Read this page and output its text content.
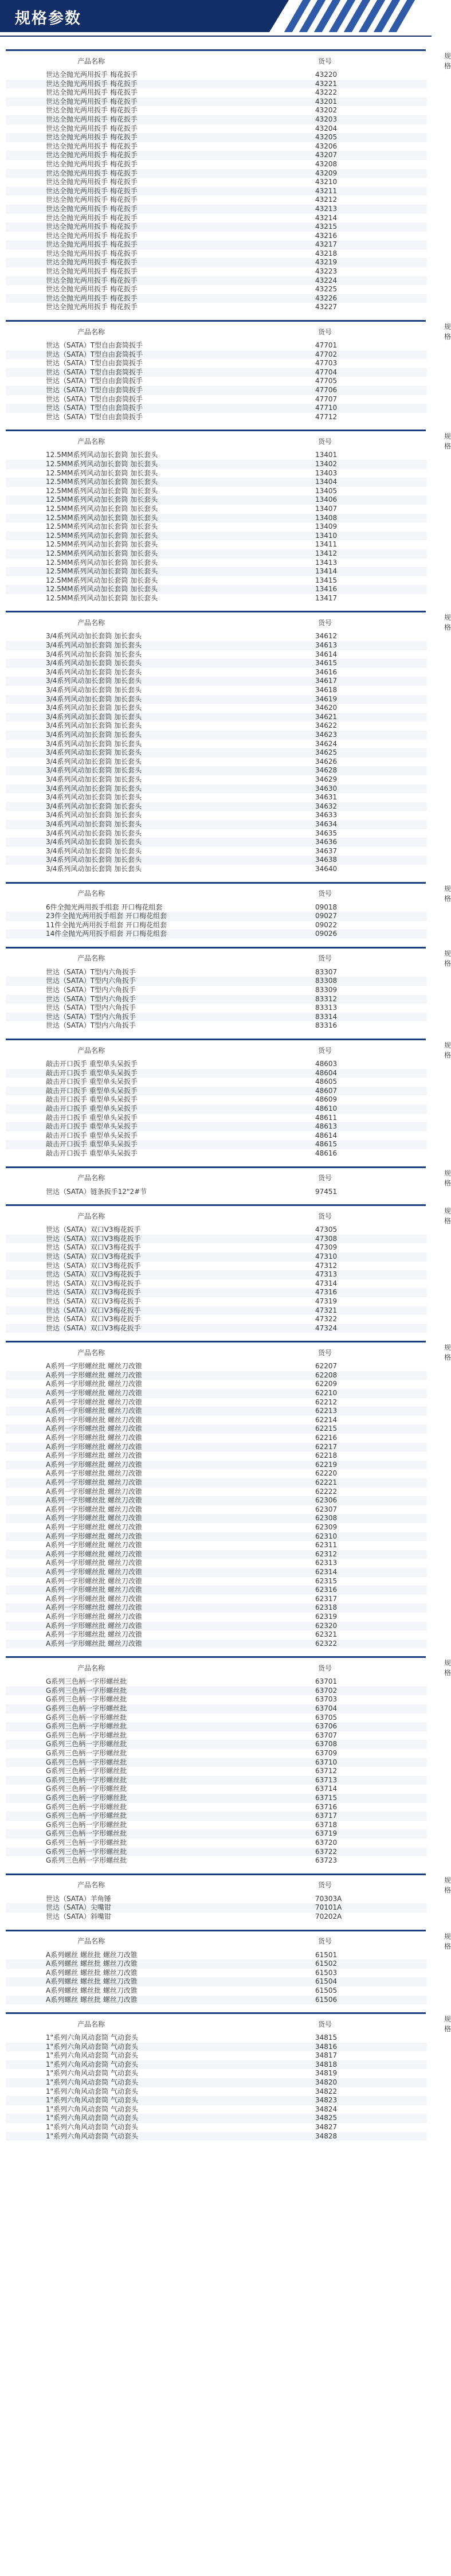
规格参数
产品名称	货号	规格
世达全抛光两用扳手 梅花扳手	43220	
世达全抛光两用扳手 梅花扳手	43221	
世达全抛光两用扳手 梅花扳手	43222	
世达全抛光两用扳手 梅花扳手	43201	
世达全抛光两用扳手 梅花扳手	43202	
世达全抛光两用扳手 梅花扳手	43203	
世达全抛光两用扳手 梅花扳手	43204	
世达全抛光两用扳手 梅花扳手	43205	
世达全抛光两用扳手 梅花扳手	43206	
世达全抛光两用扳手 梅花扳手	43207	
世达全抛光两用扳手 梅花扳手	43208	
世达全抛光两用扳手 梅花扳手	43209	
世达全抛光两用扳手 梅花扳手	43210	
世达全抛光两用扳手 梅花扳手	43211	
世达全抛光两用扳手 梅花扳手	43212	
世达全抛光两用扳手 梅花扳手	43213	
世达全抛光两用扳手 梅花扳手	43214	
世达全抛光两用扳手 梅花扳手	43215	
世达全抛光两用扳手 梅花扳手	43216	
世达全抛光两用扳手 梅花扳手	43217	
世达全抛光两用扳手 梅花扳手	43218	
世达全抛光两用扳手 梅花扳手	43219	
世达全抛光两用扳手 梅花扳手	43223	
世达全抛光两用扳手 梅花扳手	43224	
世达全抛光两用扳手 梅花扳手	43225	
世达全抛光两用扳手 梅花扳手	43226	
世达全抛光两用扳手 梅花扳手	43227	
产品名称	货号	规格
世达（SATA）T型自由套筒扳手	47701	
世达（SATA）T型自由套筒扳手	47702	
世达（SATA）T型自由套筒扳手	47703	
世达（SATA）T型自由套筒扳手	47704	
世达（SATA）T型自由套筒扳手	47705	
世达（SATA）T型自由套筒扳手	47706	
世达（SATA）T型自由套筒扳手	47707	
世达（SATA）T型自由套筒扳手	47710	
世达（SATA）T型自由套筒扳手	47712	
产品名称	货号	规格
12.5MM系列风动加长套筒 加长套头	13401	
12.5MM系列风动加长套筒 加长套头	13402	
12.5MM系列风动加长套筒 加长套头	13403	
12.5MM系列风动加长套筒 加长套头	13404	
12.5MM系列风动加长套筒 加长套头	13405	
12.5MM系列风动加长套筒 加长套头	13406	
12.5MM系列风动加长套筒 加长套头	13407	
12.5MM系列风动加长套筒 加长套头	13408	
12.5MM系列风动加长套筒 加长套头	13409	
12.5MM系列风动加长套筒 加长套头	13410	
12.5MM系列风动加长套筒 加长套头	13411	
12.5MM系列风动加长套筒 加长套头	13412	
12.5MM系列风动加长套筒 加长套头	13413	
12.5MM系列风动加长套筒 加长套头	13414	
12.5MM系列风动加长套筒 加长套头	13415	
12.5MM系列风动加长套筒 加长套头	13416	
12.5MM系列风动加长套筒 加长套头	13417	
产品名称	货号	规格
3/4系列风动加长套筒 加长套头	34612	
3/4系列风动加长套筒 加长套头	34613	
3/4系列风动加长套筒 加长套头	34614	
3/4系列风动加长套筒 加长套头	34615	
3/4系列风动加长套筒 加长套头	34616	
3/4系列风动加长套筒 加长套头	34617	
3/4系列风动加长套筒 加长套头	34618	
3/4系列风动加长套筒 加长套头	34619	
3/4系列风动加长套筒 加长套头	34620	
3/4系列风动加长套筒 加长套头	34621	
3/4系列风动加长套筒 加长套头	34622	
3/4系列风动加长套筒 加长套头	34623	
3/4系列风动加长套筒 加长套头	34624	
3/4系列风动加长套筒 加长套头	34625	
3/4系列风动加长套筒 加长套头	34626	
3/4系列风动加长套筒 加长套头	34628	
3/4系列风动加长套筒 加长套头	34629	
3/4系列风动加长套筒 加长套头	34630	
3/4系列风动加长套筒 加长套头	34631	
3/4系列风动加长套筒 加长套头	34632	
3/4系列风动加长套筒 加长套头	34633	
3/4系列风动加长套筒 加长套头	34634	
3/4系列风动加长套筒 加长套头	34635	
3/4系列风动加长套筒 加长套头	34636	
3/4系列风动加长套筒 加长套头	34637	
3/4系列风动加长套筒 加长套头	34638	
3/4系列风动加长套筒 加长套头	34640	
产品名称	货号	规格
6件全抛光两用扳手组套 开口梅花组套	09018	
23件全抛光两用扳手组套 开口梅花组套	09027	
11件全抛光两用扳手组套 开口梅花组套	09022	
14件全抛光两用扳手组套 开口梅花组套	09026	
产品名称	货号	规格
世达（SATA）T型内六角扳手	83307	
世达（SATA）T型内六角扳手	83308	
世达（SATA）T型内六角扳手	83309	
世达（SATA）T型内六角扳手	83312	
世达（SATA）T型内六角扳手	83313	
世达（SATA）T型内六角扳手	83314	
世达（SATA）T型内六角扳手	83316	
产品名称	货号	规格
敲击开口扳手 重型单头呆扳手	48603	
敲击开口扳手 重型单头呆扳手	48604	
敲击开口扳手 重型单头呆扳手	48605	
敲击开口扳手 重型单头呆扳手	48607	
敲击开口扳手 重型单头呆扳手	48609	
敲击开口扳手 重型单头呆扳手	48610	
敲击开口扳手 重型单头呆扳手	48611	
敲击开口扳手 重型单头呆扳手	48613	
敲击开口扳手 重型单头呆扳手	48614	
敲击开口扳手 重型单头呆扳手	48615	
敲击开口扳手 重型单头呆扳手	48616	
产品名称	货号	规格
世达（SATA）链条扳手12"2#节	97451	
产品名称	货号	规格
世达（SATA）双口V3梅花扳手	47305	
世达（SATA）双口V3梅花扳手	47308	
世达（SATA）双口V3梅花扳手	47309	
世达（SATA）双口V3梅花扳手	47310	
世达（SATA）双口V3梅花扳手	47312	
世达（SATA）双口V3梅花扳手	47313	
世达（SATA）双口V3梅花扳手	47314	
世达（SATA）双口V3梅花扳手	47316	
世达（SATA）双口V3梅花扳手	47319	
世达（SATA）双口V3梅花扳手	47321	
世达（SATA）双口V3梅花扳手	47322	
世达（SATA）双口V3梅花扳手	47324	
产品名称	货号	规格
A系列一字形螺丝批 螺丝刀改锥	62207	
A系列一字形螺丝批 螺丝刀改锥	62208	
A系列一字形螺丝批 螺丝刀改锥	62209	
A系列一字形螺丝批 螺丝刀改锥	62210	
A系列一字形螺丝批 螺丝刀改锥	62212	
A系列一字形螺丝批 螺丝刀改锥	62213	
A系列一字形螺丝批 螺丝刀改锥	62214	
A系列一字形螺丝批 螺丝刀改锥	62215	
A系列一字形螺丝批 螺丝刀改锥	62216	
A系列一字形螺丝批 螺丝刀改锥	62217	
A系列一字形螺丝批 螺丝刀改锥	62218	
A系列一字形螺丝批 螺丝刀改锥	62219	
A系列一字形螺丝批 螺丝刀改锥	62220	
A系列一字形螺丝批 螺丝刀改锥	62221	
A系列一字形螺丝批 螺丝刀改锥	62222	
A系列一字形螺丝批 螺丝刀改锥	62306	
A系列一字形螺丝批 螺丝刀改锥	62307	
A系列一字形螺丝批 螺丝刀改锥	62308	
A系列一字形螺丝批 螺丝刀改锥	62309	
A系列一字形螺丝批 螺丝刀改锥	62310	
A系列一字形螺丝批 螺丝刀改锥	62311	
A系列一字形螺丝批 螺丝刀改锥	62312	
A系列一字形螺丝批 螺丝刀改锥	62313	
A系列一字形螺丝批 螺丝刀改锥	62314	
A系列一字形螺丝批 螺丝刀改锥	62315	
A系列一字形螺丝批 螺丝刀改锥	62316	
A系列一字形螺丝批 螺丝刀改锥	62317	
A系列一字形螺丝批 螺丝刀改锥	62318	
A系列一字形螺丝批 螺丝刀改锥	62319	
A系列一字形螺丝批 螺丝刀改锥	62320	
A系列一字形螺丝批 螺丝刀改锥	62321	
A系列一字形螺丝批 螺丝刀改锥	62322	
产品名称	货号	规格
G系列三色柄一字形螺丝批	63701	
G系列三色柄一字形螺丝批	63702	
G系列三色柄一字形螺丝批	63703	
G系列三色柄一字形螺丝批	63704	
G系列三色柄一字形螺丝批	63705	
G系列三色柄一字形螺丝批	63706	
G系列三色柄一字形螺丝批	63707	
G系列三色柄一字形螺丝批	63708	
G系列三色柄一字形螺丝批	63709	
G系列三色柄一字形螺丝批	63710	
G系列三色柄一字形螺丝批	63712	
G系列三色柄一字形螺丝批	63713	
G系列三色柄一字形螺丝批	63714	
G系列三色柄一字形螺丝批	63715	
G系列三色柄一字形螺丝批	63716	
G系列三色柄一字形螺丝批	63717	
G系列三色柄一字形螺丝批	63718	
G系列三色柄一字形螺丝批	63719	
G系列三色柄一字形螺丝批	63720	
G系列三色柄一字形螺丝批	63722	
G系列三色柄一字形螺丝批	63723	
产品名称	货号	规格
世达（SATA）羊角锤	70303A	
世达（SATA）尖嘴钳	70101A	
世达（SATA）斜嘴钳	70202A	
产品名称	货号	规格
A系列螺丝 螺丝批 螺丝刀改锥	61501	
A系列螺丝 螺丝批 螺丝刀改锥	61502	
A系列螺丝 螺丝批 螺丝刀改锥	61503	
A系列螺丝 螺丝批 螺丝刀改锥	61504	
A系列螺丝 螺丝批 螺丝刀改锥	61505	
A系列螺丝 螺丝批 螺丝刀改锥	61506	
产品名称	货号	规格
1"系列六角风动套筒 气动套头	34815	
1"系列六角风动套筒 气动套头	34816	
1"系列六角风动套筒 气动套头	34817	
1"系列六角风动套筒 气动套头	34818	
1"系列六角风动套筒 气动套头	34819	
1"系列六角风动套筒 气动套头	34820	
1"系列六角风动套筒 气动套头	34822	
1"系列六角风动套筒 气动套头	34823	
1"系列六角风动套筒 气动套头	34824	
1"系列六角风动套筒 气动套头	34825	
1"系列六角风动套筒 气动套头	34827	
1"系列六角风动套筒 气动套头	34828	
